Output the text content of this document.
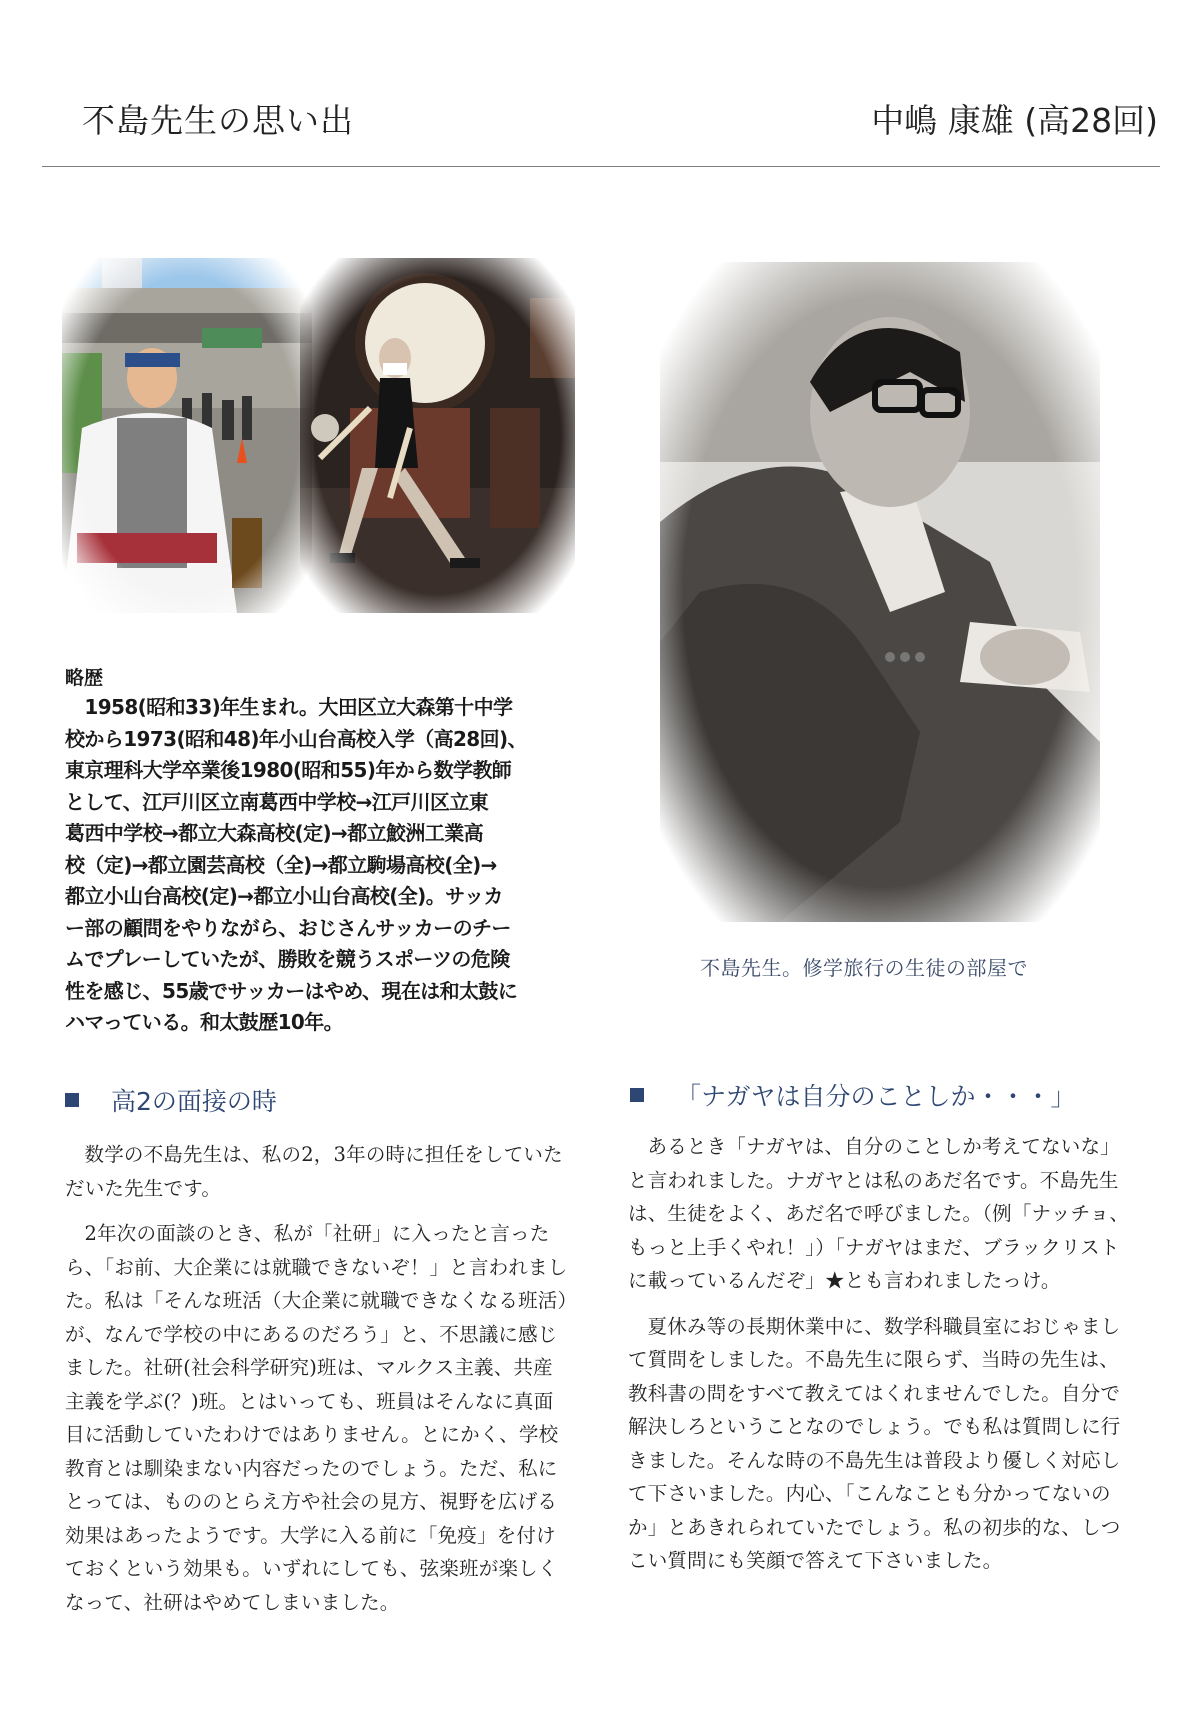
不島先生の思い出	中嶋 康雄 (高28回)
略歴
　1958(昭和33)年生まれ。大田区立大森第十中学
校から1973(昭和48)年小山台高校入学（高28回)、
東京理科大学卒業後1980(昭和55)年から数学教師
として、江戸川区立南葛西中学校→江戸川区立東
葛西中学校→都立大森高校(定)→都立鮫洲工業高
校（定)→都立園芸高校（全)→都立駒場高校(全)→
都立小山台高校(定)→都立小山台高校(全)。サッカ
ー部の顧問をやりながら、おじさんサッカーのチー
ムでプレーしていたが、勝敗を競うスポーツの危険
性を感じ、55歳でサッカーはやめ、現在は和太鼓に
ハマっている。和太鼓歴10年。
不島先生。修学旅行の生徒の部屋で
高2の面接の時

数学の不島先生は、私の2，3年の時に担任をしていただいた先生です。

2年次の面談のとき、私が「社研」に入ったと言ったら、「お前、大企業には就職できないぞ！」と言われました。私は「そんな班活（大企業に就職できなくなる班活）が、なんで学校の中にあるのだろう」と、不思議に感じました。社研(社会科学研究)班は、マルクス主義、共産主義を学ぶ(？)班。とはいっても、班員はそんなに真面目に活動していたわけではありません。とにかく、学校教育とは馴染まない内容だったのでしょう。ただ、私にとっては、もののとらえ方や社会の見方、視野を広げる効果はあったようです。大学に入る前に「免疫」を付けておくという効果も。いずれにしても、弦楽班が楽しくなって、社研はやめてしまいました。

「ナガヤは自分のことしか・・・」

あるとき「ナガヤは、自分のことしか考えてないな」と言われました。ナガヤとは私のあだ名です。不島先生は、生徒をよく、あだ名で呼びました。（例「ナッチョ、もっと上手くやれ！」）「ナガヤはまだ、ブラックリストに載っているんだぞ」★とも言われましたっけ。

夏休み等の長期休業中に、数学科職員室におじゃまして質問をしました。不島先生に限らず、当時の先生は、教科書の問をすべて教えてはくれませんでした。自分で解決しろということなのでしょう。でも私は質問しに行きました。そんな時の不島先生は普段より優しく対応して下さいました。内心、「こんなことも分かってないのか」とあきれられていたでしょう。私の初歩的な、しつこい質問にも笑顔で答えて下さいました。
